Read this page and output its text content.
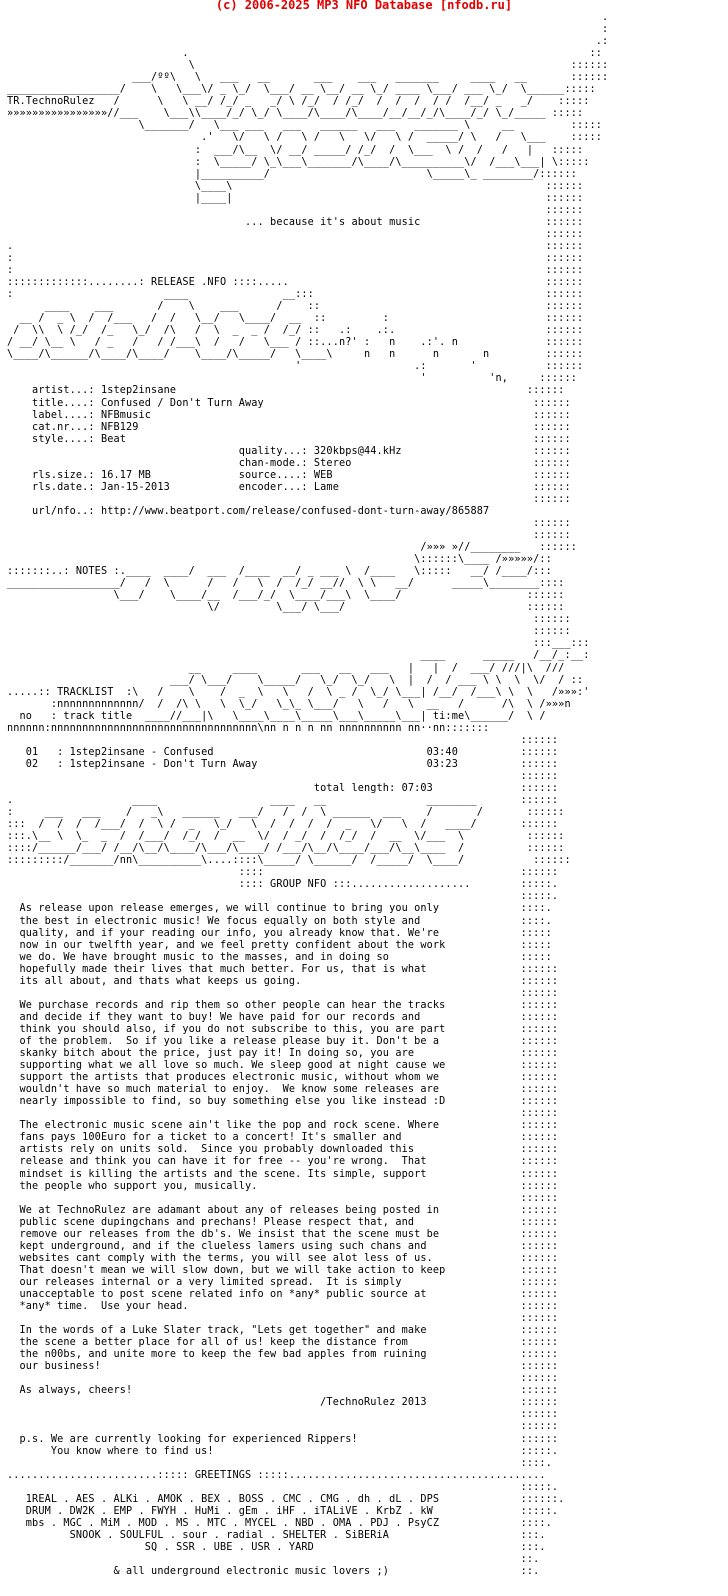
(c) 2006-2025 MP3 NFO Database [nfodb.ru]
.
:
.:
.                                                                ::
\                                                            ::::::
___/ºº\   \   ___   __       ___    ___   _______     ____   __       ::::::
__________________/    \   \___\/ _ \_/  \___/ __ \__/ __ \_/ ____ \___/ ___ \_/  \______:::::
TR.TechnoRulez   /      \   \ __/ /_/ _   _/ \ /_/  / /_/  /  /  /  / /  /__/ _   _/    :::::
»»»»»»»»»»»»»»»»//___    \___\\____/_/ \_/ \____/\____/\____/__/__/_/\____/_/ \_/_____ :::::
\_______/   \___ ___   ___   ______   ___   _______ \     __         :::::
.'   \/   \ /   \ /   \   \/   \ /  _____/ \   /   \___    :::::
:  ___/\__  \/ __/ _____/ /_/  /  \___  \ /  /   /   |   :::::
:  \_____/ \_\___\_______/\____/\__________\/  /___\___| \:::::
|__________/                         \_____\_ ________/::::::
\____\                                                  ::::::
|____|                                                  ::::::
::::::
... because it's about music                    ::::::
::::::
.                                                                                     ::::::
:                                                                                     ::::::
:                                                                                     ::::::
:::::::::::::........: RELEASE .NFO ::::.....                                         ::::::
:                        ____               __:::                                     ::::::
____    ___       /    \    ___      /    ::                                    ::::::
__ /  _ \  /  /___   /  /   \__/   \____/  __  ::         :                         ::::::
/  \\  \ /_/  /_   \_/  /\   /  \  _  _ /  /_/ ::   .:    .:.                        ::::::
/ __/ \__ \   / _   /   / /___\  /   /   \___ / ::...n?' :   n    .:'. n              ::::::
\____/\______/\____/\____/    \____/\_____/   \____\     n   n      n       n         ::::::
'                  .:       '           ::::::
'          'n,     ::::::
artist...: 1step2insane                                                        ::::::
title....: Confused / Don't Turn Away                                           ::::::
label....: NFBmusic                                                             ::::::
cat.nr...: NFB129                                                               ::::::
style....: Beat                                                                 ::::::
quality...: 320kbps@44.kHz                     ::::::
chan-mode.: Stereo                             ::::::
rls.size.: 16.17 MB              source....: WEB                                ::::::
rls.date.: Jan-15-2013           encoder...: Lame                               ::::::
::::::
url/nfo..: http://www.beatport.com/release/confused-dont-turn-away/865887
::::::
::::::
/»»» »//________   ::::::
\::::::\____ /»»»»»/::
:::::::..: NOTES :.____  ____/  ___  /____  __/ _ ___ \  /____   \:::::   __/ /____/:::
__________________/   /  \      /   /   \  /  /_/ __//  \ \   __/      _____\________::::
\___/    \____/__  /___/_/  \____/___\  \____/                    ::::::
\/         \___/ \___/                             ::::::
::::::
::::::
:::___:::
____      _____   /__/_:__:
__     ____       ___   __   ___   |   |  /  ___/ ///|\  ///
___/ \___/    \_____/   \_/  \_/   \  |  /  / ___ \ \  \  \/  / ::
.....:: TRACKLIST  :\   /    \    /  _  \   \   /  \ _ /  \_/ \___| /__/  /___\ \  \   /»»»:'
:nnnnnnnnnnnnn/  /  /\ \   \  \_/   \_\_ \___/   \   /   \  __   /      /\  \ /»»»n
no   : track title  ____//___|\   \____\____\_____\___\_____\___| ti:me\______/  \ /
nnnnnn:nnnnnnnnnnnnnnnnnnnnnnnnnnnnnnnnn\nn n n n nn nnnnnnnnnn nn··nn:::::::
::::::
01   : 1step2insane - Confused                                  03:40          ::::::
02   : 1step2insane - Don't Turn Away                           03:23          ::::::
::::::
total length: 07:03              ::::::
.                   ____                  ____   __                ________       ::::::
:     ___   ___    /   _\   ______   ___/   /  /  \ ______  ___    /       /       ::::::
:::  /  /  /  /___/  /  \ /  _   \_/   \  /  /  /  /  _   \/   \  /   ____/       ::::::
:::.\__ \  \_  _  /  /___/  /_/  /  __  \/  / _/  /  /_/  /  __  \/___  \          ::::::
::::/______/___/ /__/\__/\____/\___/\____/ /___/\__/\____/___/\__\____  /          ::::::
:::::::::/_______/nn\__________\....::::\_____/ \______/  /_____/  \____/           ::::::
::::                                         ::::::
:::: GROUP NFO :::...................        :::::.
:::::.
As release upon release emerges, we will continue to bring you only             ::::.
the best in electronic music! We focus equally on both style and                ::::.
quality, and if your reading our info, you already know that. We're             :::::
now in our twelfth year, and we feel pretty confident about the work            :::::
we do. We have brought music to the masses, and in doing so                     :::::
hopefully made their lives that much better. For us, that is what               ::::::
its all about, and thats what keeps us going.                                   ::::::
::::::
We purchase records and rip them so other people can hear the tracks            ::::::
and decide if they want to buy! We have paid for our records and                ::::::
think you should also, if you do not subscribe to this, you are part            ::::::
of the problem.  So if you like a release please buy it. Don't be a             ::::::
skanky bitch about the price, just pay it! In doing so, you are                 ::::::
supporting what we all love so much. We sleep good at night cause we            ::::::
support the artists that produces electronic music, without whom we             ::::::
wouldn't have so much material to enjoy.  We know some releases are             ::::::
nearly impossible to find, so buy something else you like instead :D            ::::::
::::::
The electronic music scene ain't like the pop and rock scene. Where             ::::::
fans pays 100Euro for a ticket to a concert! It's smaller and                   ::::::
artists rely on units sold.  Since you probably downloaded this                 ::::::
release and think you can have it for free -- you're wrong.  That               ::::::
mindset is killing the artists and the scene. Its simple, support               ::::::
the people who support you, musically.                                          ::::::
::::::
We at TechnoRulez are adamant about any of releases being posted in             ::::::
public scene dupingchans and prechans! Please respect that, and                 ::::::
remove our releases from the db's. We insist that the scene must be             ::::::
kept underground, and if the clueless lamers using such chans and               ::::::
websites cant comply with the terms, you will see alot less of us.              ::::::
That doesn't mean we will slow down, but we will take action to keep            ::::::
our releases internal or a very limited spread.  It is simply                   ::::::
unacceptable to post scene related info on *any* public source at               ::::::
*any* time.  Use your head.                                                     ::::::
::::::
In the words of a Luke Slater track, "Lets get together" and make               ::::::
the scene a better place for all of us! keep the distance from                  ::::::
the n00bs, and unite more to keep the few bad apples from ruining               ::::::
our business!                                                                   ::::::
::::::
As always, cheers!                                                              ::::::
/TechnoRulez 2013               ::::::
::::::
::::::
p.s. We are currently looking for experienced Rippers!                          ::::::
You know where to find us!                                                 :::::.
::::.
........................::::: GREETINGS :::::.........................................
:::::.
1REAL . AES . ALKi . AMOK . BEX . BOSS . CMC . CMG . dh . dL . DPS             ::::::.
DRUM . DW2K . EMP . FWYH . HuMi . gEm . iHF . iTALiVE . KrbZ . kW              :::::.
mbs . MGC . MiM . MOD . MS . MTC . MYCEL . NBD . OMA . PDJ . PsyCZ             ::::.
SNOOK . SOULFUL . sour . radial . SHELTER . SiBERiA                     :::.
SQ . SSR . UBE . USR . YARD                                 :::.
::.
& all underground electronic music lovers ;)                     ::.
